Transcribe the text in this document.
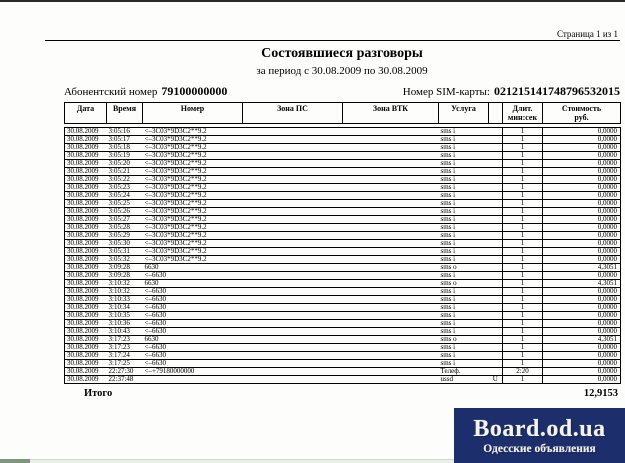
Страница 1 из 1
Состоявшиеся разговоры
за период с 30.08.2009 по 30.08.2009
Абонентский номер 79100000000	Номер SIM-карты: 021215141748796532015
Дата	Время	Номер	Зона ПС	Зона ВТК	Услуга		Длит.
мин:сек	Стоимость
руб.
30.08.2009	3:05:16	<–3C03*9D3C2**9.2			sms i		1	0,0000
30.08.2009	3:05:17	<–3C03*9D3C2**9.2			sms i		1	0,0000
30.08.2009	3:05:18	<–3C03*9D3C2**9.2			sms i		1	0,0000
30.08.2009	3:05:19	<–3C03*9D3C2**9.2			sms i		1	0,0000
30.08.2009	3:05:20	<–3C03*9D3C2**9.2			sms i		1	0,0000
30.08.2009	3:05:21	<–3C03*9D3C2**9.2			sms i		1	0,0000
30.08.2009	3:05:22	<–3C03*9D3C2**9.2			sms i		1	0,0000
30.08.2009	3:05:23	<–3C03*9D3C2**9.2			sms i		1	0,0000
30.08.2009	3:05:24	<–3C03*9D3C2**9.2			sms i		1	0,0000
30.08.2009	3:05:25	<–3C03*9D3C2**9.2			sms i		1	0,0000
30.08.2009	3:05:26	<–3C03*9D3C2**9.2			sms i		1	0,0000
30.08.2009	3:05:27	<–3C03*9D3C2**9.2			sms i		1	0,0000
30.08.2009	3:05:28	<–3C03*9D3C2**9.2			sms i		1	0,0000
30.08.2009	3:05:29	<–3C03*9D3C2**9.2			sms i		1	0,0000
30.08.2009	3:05:30	<–3C03*9D3C2**9.2			sms i		1	0,0000
30.08.2009	3:05:31	<–3C03*9D3C2**9.2			sms i		1	0,0000
30.08.2009	3:05:32	<–3C03*9D3C2**9.2			sms i		1	0,0000
30.08.2009	3:09:28	6630			sms o		1	4,3051
30.08.2009	3:09:28	<–6630			sms i		1	0,0000
30.08.2009	3:10:32	6630			sms o		1	4,3051
30.08.2009	3:10:32	<–6630			sms i		1	0,0000
30.08.2009	3:10:33	<–6630			sms i		1	0,0000
30.08.2009	3:10:34	<–6630			sms i		1	0,0000
30.08.2009	3:10:35	<–6630			sms i		1	0,0000
30.08.2009	3:10:36	<–6630			sms i		1	0,0000
30.08.2009	3:10:43	<–6630			sms i		1	0,0000
30.08.2009	3:17:23	6630			sms o		1	4,3051
30.08.2009	3:17:23	<–6630			sms i		1	0,0000
30.08.2009	3:17:24	<–6630			sms i		1	0,0000
30.08.2009	3:17:25	<–6630			sms i		1	0,0000
30.08.2009	22:27:30	<–+79180000000			Телеф.		2:20	0,0000
30.08.2009	22:37:48				ussd	U	1	0,0000
Итого	12,9153
Board.od.ua
Одесские объявления
